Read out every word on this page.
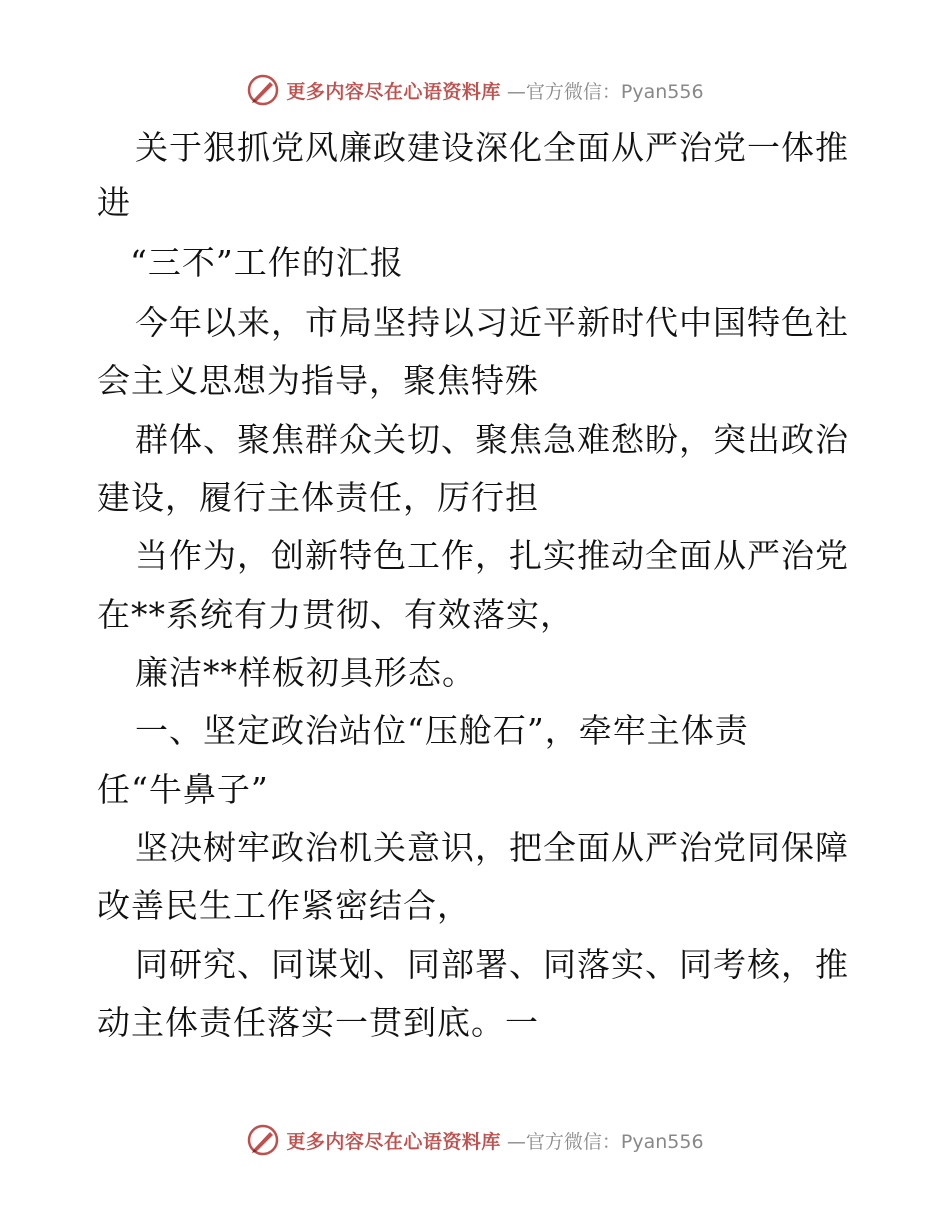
更多内容尽在心语资料库 —官方微信：Pyan556
关于狠抓党风廉政建设深化全面从严治党一体推
进
“三不”工作的汇报
今年以来，市局坚持以习近平新时代中国特色社
会主义思想为指导，聚焦特殊
群体、聚焦群众关切、聚焦急难愁盼，突出政治
建设，履行主体责任，厉行担
当作为，创新特色工作，扎实推动全面从严治党
在**系统有力贯彻、有效落实，
廉洁**样板初具形态。
一、坚定政治站位“压舱石”，牵牢主体责
任“牛鼻子”
坚决树牢政治机关意识，把全面从严治党同保障
改善民生工作紧密结合，
同研究、同谋划、同部署、同落实、同考核，推
动主体责任落实一贯到底。一
更多内容尽在心语资料库 —官方微信：Pyan556
